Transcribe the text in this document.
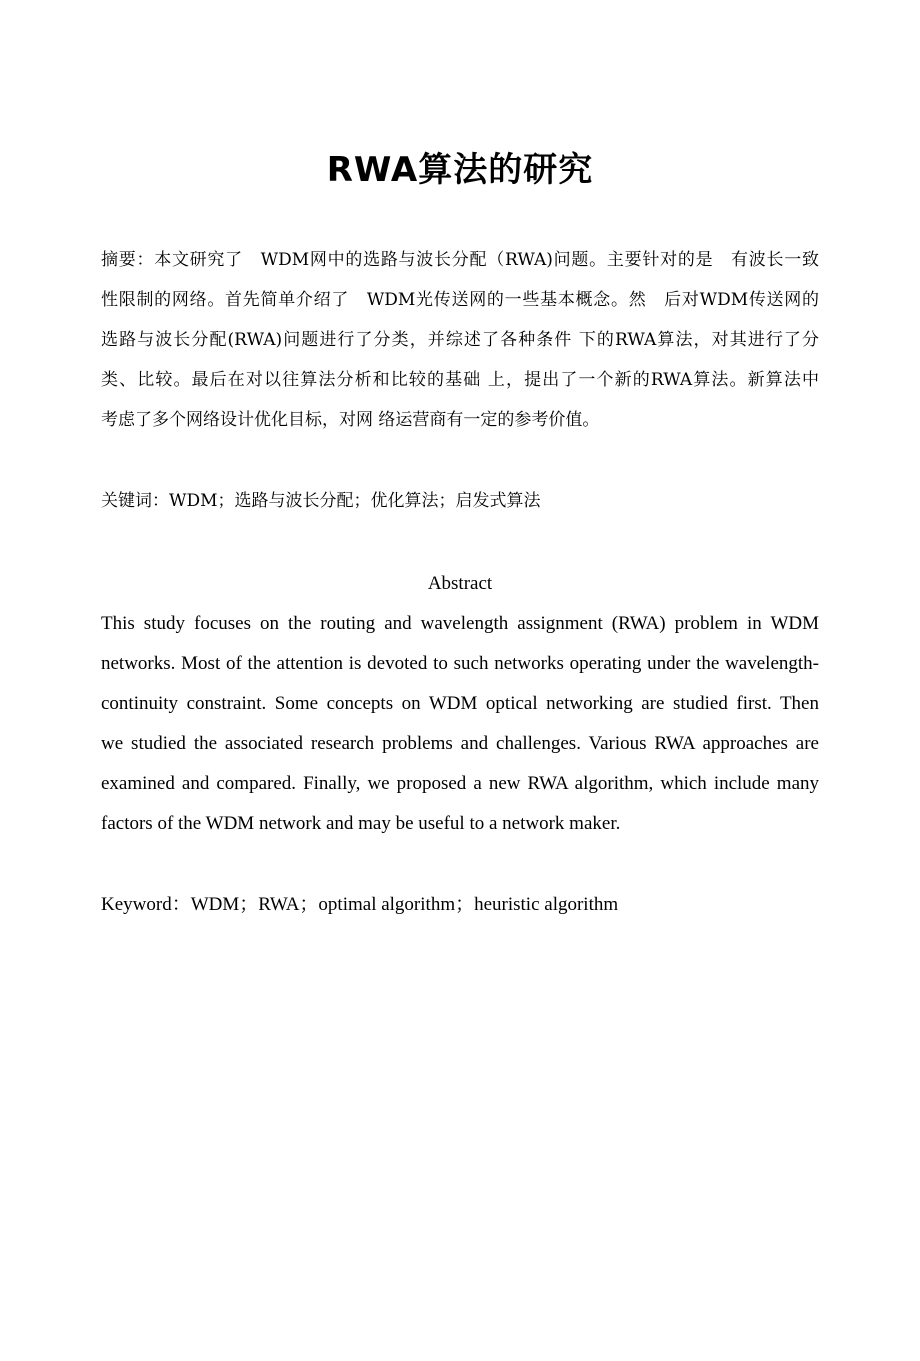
RWA算法的研究
摘要：本文研究了　WDM网中的选路与波长分配（RWA)问题。主要针对的是　有波长一致
性限制的网络。首先简单介绍了　WDM光传送网的一些基本概念。然　后对WDM传送网的
选路与波长分配(RWA)问题进行了分类，并综述了各种条件 下的RWA算法，对其进行了分
类、比较。最后在对以往算法分析和比较的基础 上，提出了一个新的RWA算法。新算法中
考虑了多个网络设计优化目标，对网 络运营商有一定的参考价值。
关键词：WDM；选路与波长分配；优化算法；启发式算法
Abstract
This study focuses on the routing and wavelength assignment (RWA) problem in WDM
networks. Most of the attention is devoted to such networks operating under the wavelength-
continuity constraint. Some concepts on WDM optical networking are studied first. Then
we studied the associated research problems and challenges. Various RWA approaches are
examined and compared. Finally, we proposed a new RWA algorithm, which include many
factors of the WDM network and may be useful to a network maker.
Keyword：WDM；RWA；optimal algorithm；heuristic algorithm
